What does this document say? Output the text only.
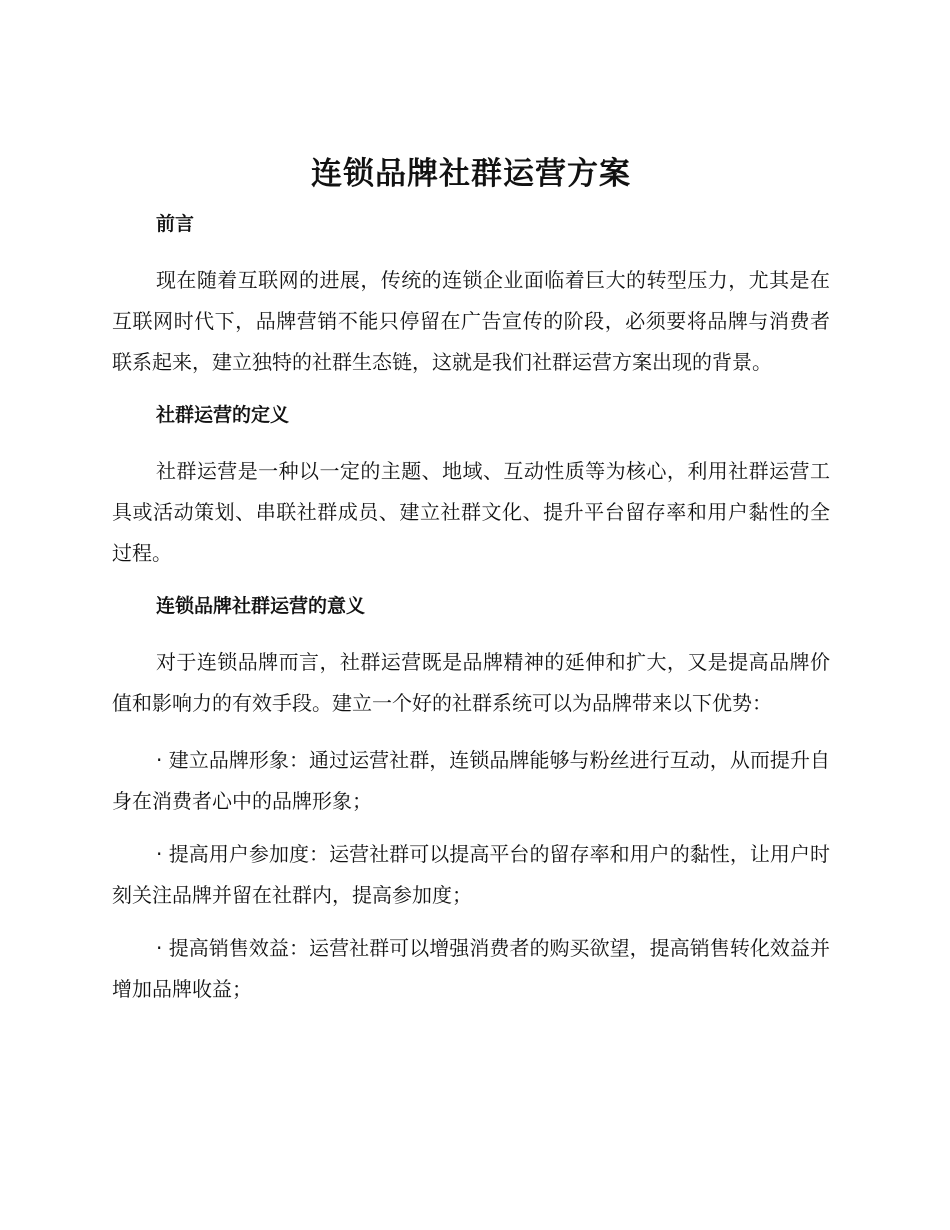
连锁品牌社群运营方案
前言

现在随着互联网的进展，传统的连锁企业面临着巨大的转型压力，尤其是在互联网时代下，品牌营销不能只停留在广告宣传的阶段，必须要将品牌与消费者联系起来，建立独特的社群生态链，这就是我们社群运营方案出现的背景。

社群运营的定义

社群运营是一种以一定的主题、地域、互动性质等为核心，利用社群运营工具或活动策划、串联社群成员、建立社群文化、提升平台留存率和用户黏性的全过程。

连锁品牌社群运营的意义

对于连锁品牌而言，社群运营既是品牌精神的延伸和扩大，又是提高品牌价值和影响力的有效手段。建立一个好的社群系统可以为品牌带来以下优势：

· 建立品牌形象：通过运营社群，连锁品牌能够与粉丝进行互动，从而提升自身在消费者心中的品牌形象；

· 提高用户参加度：运营社群可以提高平台的留存率和用户的黏性，让用户时刻关注品牌并留在社群内，提高参加度；

· 提高销售效益：运营社群可以增强消费者的购买欲望，提高销售转化效益并增加品牌收益；
